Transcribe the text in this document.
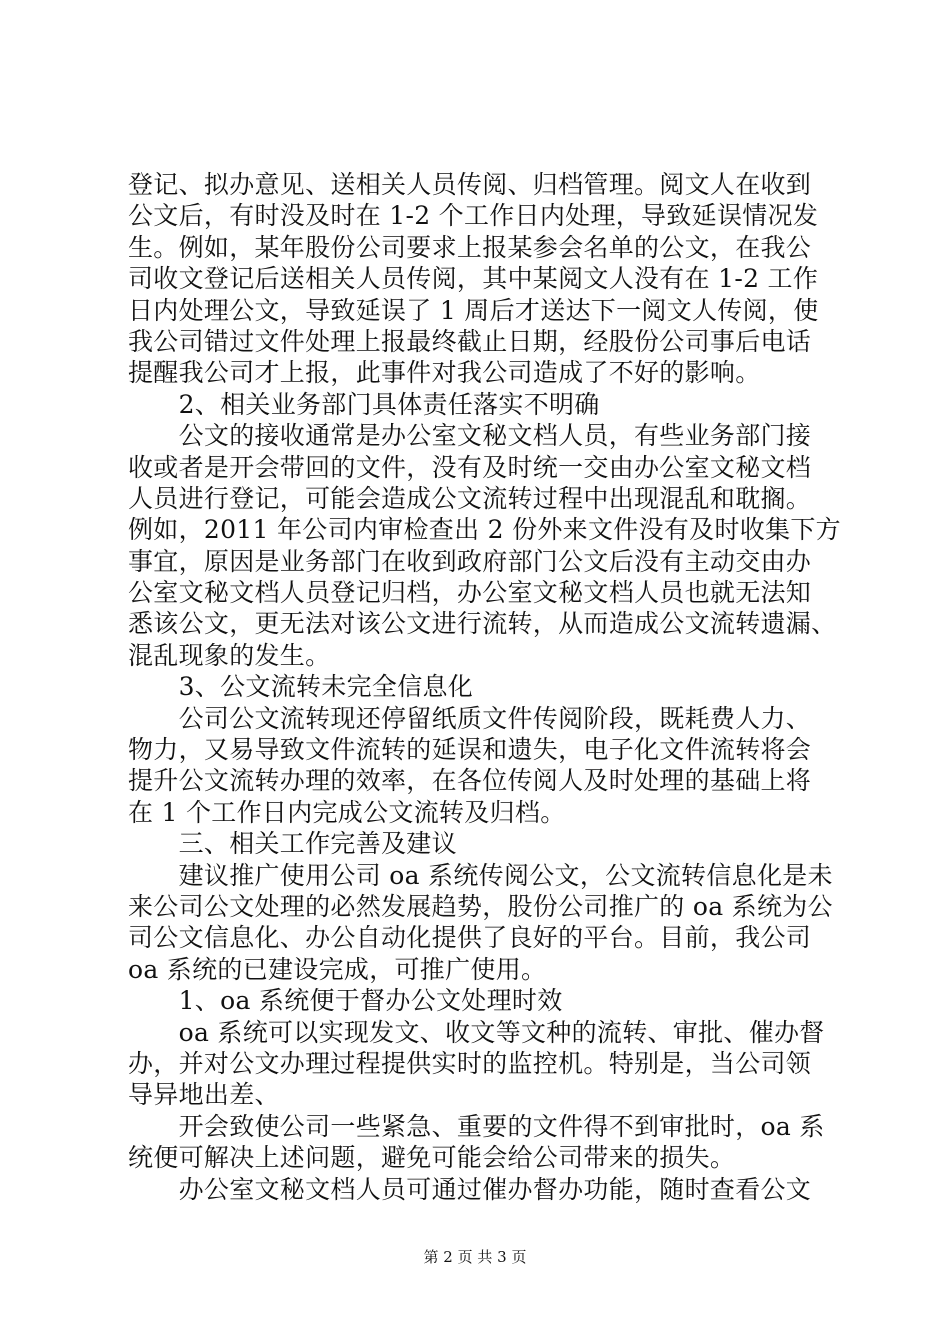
登记、拟办意见、送相关人员传阅、归档管理。阅文人在收到
公文后，有时没及时在 1-2 个工作日内处理，导致延误情况发
生。例如，某年股份公司要求上报某参会名单的公文，在我公
司收文登记后送相关人员传阅，其中某阅文人没有在 1-2 工作
日内处理公文，导致延误了 1 周后才送达下一阅文人传阅，使
我公司错过文件处理上报最终截止日期，经股份公司事后电话
提醒我公司才上报，此事件对我公司造成了不好的影响。
　　2、相关业务部门具体责任落实不明确
　　公文的接收通常是办公室文秘文档人员，有些业务部门接
收或者是开会带回的文件，没有及时统一交由办公室文秘文档
人员进行登记，可能会造成公文流转过程中出现混乱和耽搁。
例如，2011 年公司内审检查出 2 份外来文件没有及时收集下方
事宜，原因是业务部门在收到政府部门公文后没有主动交由办
公室文秘文档人员登记归档，办公室文秘文档人员也就无法知
悉该公文，更无法对该公文进行流转，从而造成公文流转遗漏、
混乱现象的发生。
　　3、公文流转未完全信息化
　　公司公文流转现还停留纸质文件传阅阶段，既耗费人力、
物力，又易导致文件流转的延误和遗失，电子化文件流转将会
提升公文流转办理的效率，在各位传阅人及时处理的基础上将
在 1 个工作日内完成公文流转及归档。
　　三、相关工作完善及建议
　　建议推广使用公司 oa 系统传阅公文，公文流转信息化是未
来公司公文处理的必然发展趋势，股份公司推广的 oa 系统为公
司公文信息化、办公自动化提供了良好的平台。目前，我公司
oa 系统的已建设完成，可推广使用。
　　1、oa 系统便于督办公文处理时效
　　oa 系统可以实现发文、收文等文种的流转、审批、催办督
办，并对公文办理过程提供实时的监控机。特别是，当公司领
导异地出差、
　　开会致使公司一些紧急、重要的文件得不到审批时，oa 系
统便可解决上述问题，避免可能会给公司带来的损失。
　　办公室文秘文档人员可通过催办督办功能，随时查看公文
第 2 页 共 3 页
